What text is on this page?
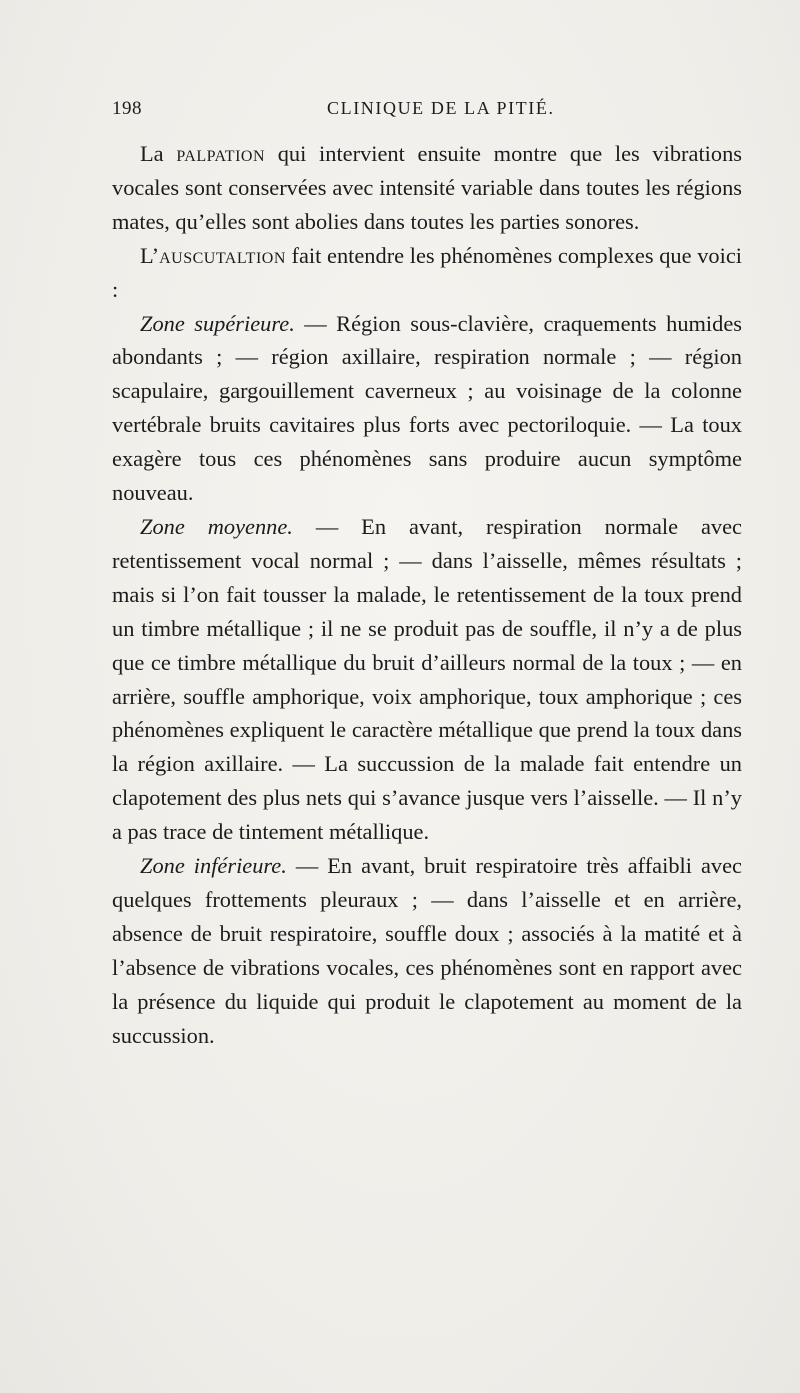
198	CLINIQUE DE LA PITIÉ.

La palpation qui intervient ensuite montre que les vibrations vocales sont conservées avec intensité variable dans toutes les régions mates, qu’elles sont abolies dans toutes les parties sonores.

L’auscutaltion fait entendre les phénomènes complexes que voici :

Zone supérieure. — Région sous-clavière, craquements humides abondants ; — région axillaire, respiration normale ; — région scapulaire, gargouillement caverneux ; au voisinage de la colonne vertébrale bruits cavitaires plus forts avec pectoriloquie. — La toux exagère tous ces phénomènes sans produire aucun symptôme nouveau.

Zone moyenne. — En avant, respiration normale avec retentissement vocal normal ; — dans l’aisselle, mêmes résultats ; mais si l’on fait tousser la malade, le retentissement de la toux prend un timbre métallique ; il ne se produit pas de souffle, il n’y a de plus que ce timbre métallique du bruit d’ailleurs normal de la toux ; — en arrière, souffle amphorique, voix amphorique, toux amphorique ; ces phénomènes expliquent le caractère métallique que prend la toux dans la région axillaire. — La succussion de la malade fait entendre un clapotement des plus nets qui s’avance jusque vers l’aisselle. — Il n’y a pas trace de tintement métallique.

Zone inférieure. — En avant, bruit respiratoire très affaibli avec quelques frottements pleuraux ; — dans l’aisselle et en arrière, absence de bruit respiratoire, souffle doux ; associés à la matité et à l’absence de vibrations vocales, ces phénomènes sont en rapport avec la présence du liquide qui produit le clapotement au moment de la succussion.
